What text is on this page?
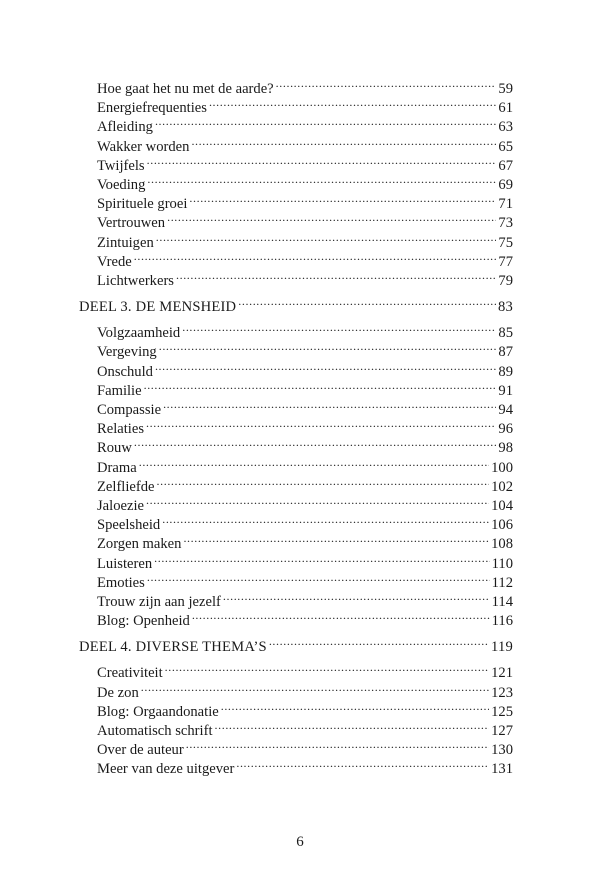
Hoe gaat het nu met de aarde? .....	59
Energiefrequenties .....	61
Afleiding .....	63
Wakker worden .....	65
Twijfels .....	67
Voeding .....	69
Spirituele groei .....	71
Vertrouwen .....	73
Zintuigen .....	75
Vrede .....	77
Lichtwerkers .....	79
DEEL 3. DE MENSHEID .....	83
Volgzaamheid .....	85
Vergeving .....	87
Onschuld .....	89
Familie .....	91
Compassie .....	94
Relaties .....	96
Rouw .....	98
Drama .....	100
Zelfliefde .....	102
Jaloezie .....	104
Speelsheid .....	106
Zorgen maken .....	108
Luisteren .....	110
Emoties .....	112
Trouw zijn aan jezelf .....	114
Blog: Openheid .....	116
DEEL 4. DIVERSE THEMA’S .....	119
Creativiteit .....	121
De zon .....	123
Blog: Orgaandonatie .....	125
Automatisch schrift .....	127
Over de auteur .....	130
Meer van deze uitgever .....	131
6
